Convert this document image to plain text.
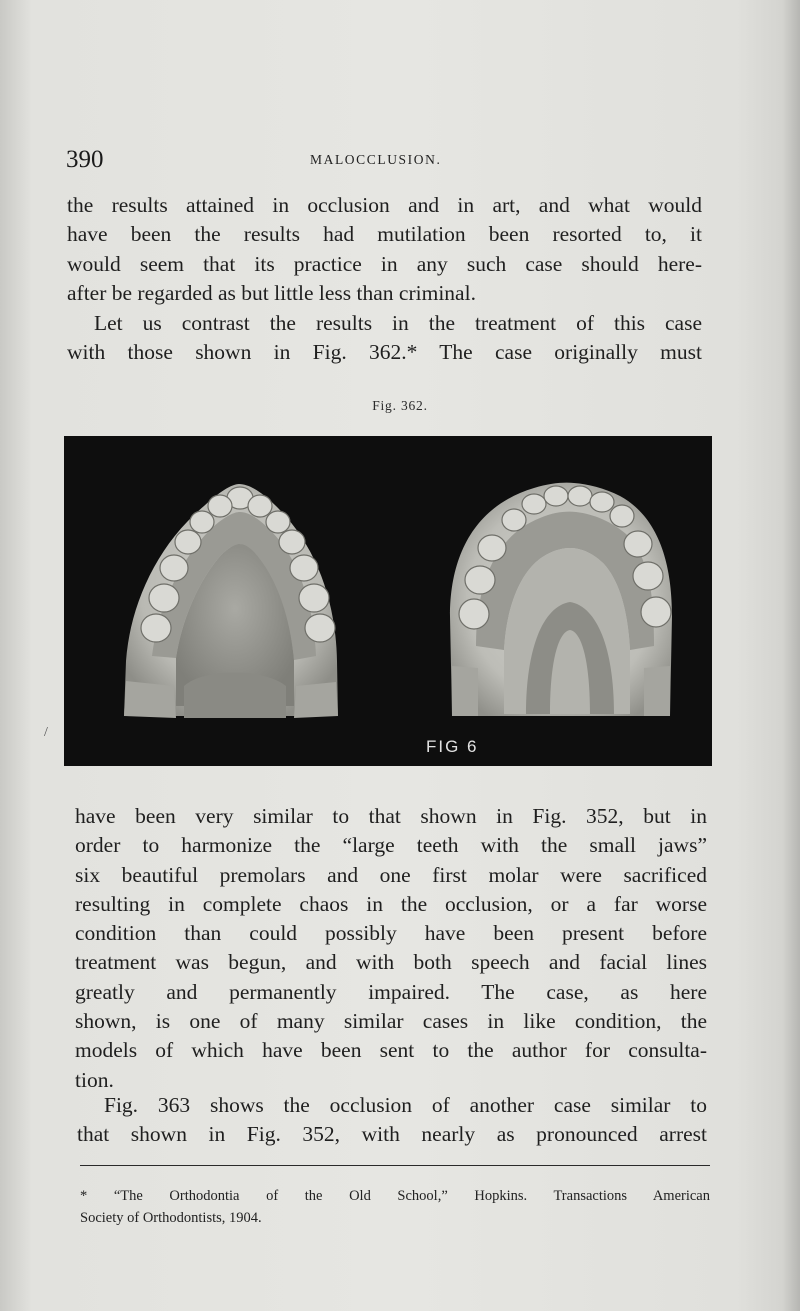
390	MALOCCLUSION.

the results attained in occlusion and in art, and what would
have been the results had mutilation been resorted to, it
would seem that its practice in any such case should here-
after be regarded as but little less than criminal.

Let us contrast the results in the treatment of this case
with those shown in Fig. 362.* The case originally must

Fig. 362.
FIG 6

have been very similar to that shown in Fig. 352, but in
order to harmonize the “large teeth with the small jaws”
six beautiful premolars and one first molar were sacrificed
resulting in complete chaos in the occlusion, or a far worse
condition than could possibly have been present before
treatment was begun, and with both speech and facial lines
greatly and permanently impaired. The case, as here
shown, is one of many similar cases in like condition, the
models of which have been sent to the author for consulta-
tion.

Fig. 363 shows the occlusion of another case similar to
that shown in Fig. 352, with nearly as pronounced arrest

* “The Orthodontia of the Old School,” Hopkins. Transactions American
Society of Orthodontists, 1904.

/
